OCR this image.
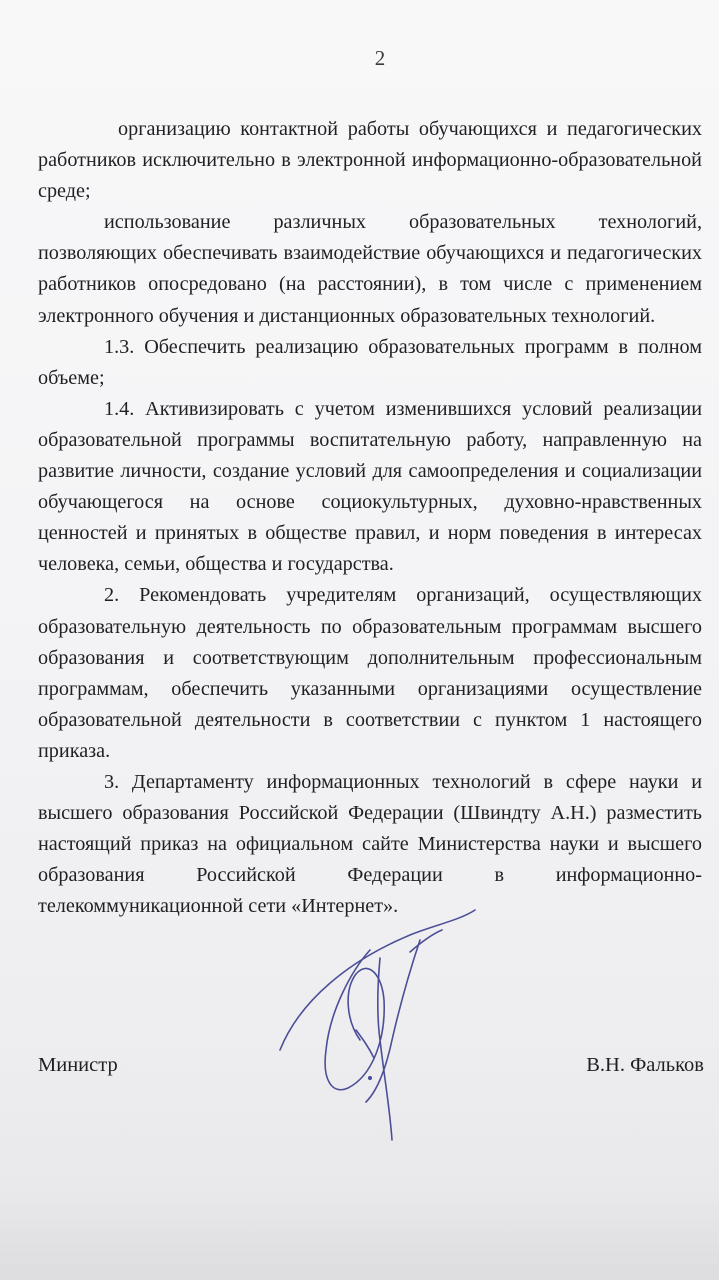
2

организацию контактной работы обучающихся и педагогических работников исключительно в электронной информационно-образовательной среде;

использование различных образовательных технологий, позволяющих обеспечивать взаимодействие обучающихся и педагогических работников опосредовано (на расстоянии), в том числе с применением электронного обучения и дистанционных образовательных технологий.

1.3. Обеспечить реализацию образовательных программ в полном объеме;

1.4. Активизировать с учетом изменившихся условий реализации образовательной программы воспитательную работу, направленную на развитие личности, создание условий для самоопределения и социализации обучающегося на основе социокультурных, духовно-нравственных ценностей и принятых в обществе правил, и норм поведения в интересах человека, семьи, общества и государства.

2. Рекомендовать учредителям организаций, осуществляющих образовательную деятельность по образовательным программам высшего образования и соответствующим дополнительным профессиональным программам, обеспечить указанными организациями осуществление образовательной деятельности в соответствии с пунктом 1 настоящего приказа.

3. Департаменту информационных технологий в сфере науки и высшего образования Российской Федерации (Швиндту А.Н.) разместить настоящий приказ на официальном сайте Министерства науки и высшего образования Российской Федерации в информационно-телекоммуникационной сети «Интернет».

Министр	В.Н. Фальков
